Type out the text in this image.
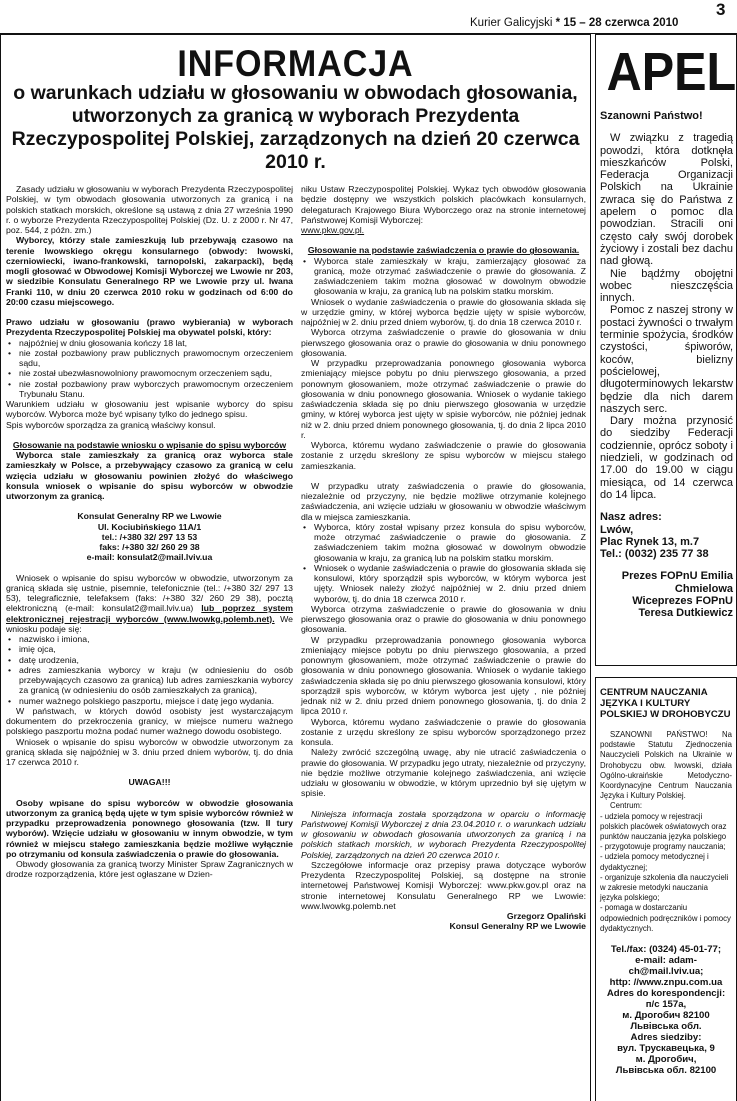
3
Kurier Galicyjski * 15 – 28 czerwca 2010
INFORMACJA
o warunkach udziału w głosowaniu w obwodach głosowania, utworzonych za granicą w wyborach Prezydenta Rzeczypospolitej Polskiej, zarządzonych na dzień 20 czerwca 2010 r.

Zasady udziału w głosowaniu w wyborach Prezydenta Rzeczypospolitej Polskiej, w tym obwodach głosowania utworzonych za granicą i na polskich statkach morskich, określone są ustawą z dnia 27 września 1990 r. o wyborze Prezydenta Rzeczypospolitej Polskiej (Dz. U. z 2000 r. Nr 47, poz. 544, z późn. zm.)

Wyborcy, którzy stale zamieszkują lub przebywają czasowo na terenie lwowskiego okręgu konsularnego (obwody: lwowski, czerniowiecki, iwano-frankowski, tarnopolski, zakarpacki), będą mogli głosować w Obwodowej Komisji Wyborczej we Lwowie nr 203, w siedzibie Konsulatu Generalnego RP we Lwowie przy ul. Iwana Franki 110, w dniu 20 czerwca 2010 roku w godzinach od 6:00 do 20:00 czasu miejscowego.

Prawo udziału w głosowaniu (prawo wybierania) w wyborach Prezydenta Rzeczypospolitej Polskiej ma obywatel polski, który:

• najpóźniej w dniu głosowania kończy 18 lat,

• nie został pozbawiony praw publicznych prawomocnym orzeczeniem sądu,

• nie został ubezwłasnowolniony prawomocnym orzeczeniem sądu,

• nie został pozbawiony praw wyborczych prawomocnym orzeczeniem Trybunału Stanu.

Warunkiem udziału w głosowaniu jest wpisanie wyborcy do spisu wyborców. Wyborca może być wpisany tylko do jednego spisu.

Spis wyborców sporządza za granicą właściwy konsul.

Głosowanie na podstawie wniosku o wpisanie do spisu wyborców

Wyborca stale zamieszkały za granicą oraz wyborca stale zamieszkały w Polsce, a przebywający czasowo za granicą w celu wzięcia udziału w głosowaniu powinien złożyć do właściwego konsula wniosek o wpisanie do spisu wyborców w obwodzie utworzonym za granicą.

Konsulat Generalny RP we Lwowie

Ul. Kociubińskiego 11A/1

tel.: /+380 32/ 297 13 53

faks: /+380 32/ 260 29 38

e-mail: konsulat2@mail.lviv.ua

Wniosek o wpisanie do spisu wyborców w obwodzie, utworzonym za granicą składa się ustnie, pisemnie, telefonicznie (tel.: /+380 32/ 297 13 53), telegraficznie, telefaksem (faks: /+380 32/ 260 29 38), pocztą elektroniczną (e-mail: konsulat2@mail.lviv.ua) lub poprzez system elektronicznej rejestracji wyborców (www.lwowkg.polemb.net). We wniosku podaje się:

• nazwisko i imiona,

• imię ojca,

• datę urodzenia,

• adres zamieszkania wyborcy w kraju (w odniesieniu do osób przebywających czasowo za granicą) lub adres zamieszkania wyborcy za granicą (w odniesieniu do osób zamieszkałych za granicą),

• numer ważnego polskiego paszportu, miejsce i datę jego wydania.

W państwach, w których dowód osobisty jest wystarczającym dokumentem do przekroczenia granicy, w miejsce numeru ważnego polskiego paszportu można podać numer ważnego dowodu osobistego.

Wniosek o wpisanie do spisu wyborców w obwodzie utworzonym za granicą składa się najpóźniej w 3. dniu przed dniem wyborów, tj. do dnia 17 czerwca 2010 r.

UWAGA!!!

Osoby wpisane do spisu wyborców w obwodzie głosowania utworzonym za granicą będą ujęte w tym spisie wyborców również w przypadku przeprowadzenia ponownego głosowania (tzw. II tury wyborów). Wzięcie udziału w głosowaniu w innym obwodzie, w tym również w miejscu stałego zamieszkania będzie możliwe wyłącznie po otrzymaniu od konsula zaświadczenia o prawie do głosowania.

Obwody głosowania za granicą tworzy Minister Spraw Zagranicznych w drodze rozporządzenia, które jest ogłaszane w Dzien-

niku Ustaw Rzeczypospolitej Polskiej. Wykaz tych obwodów głosowania będzie dostępny we wszystkich polskich placówkach konsularnych, delegaturach Krajowego Biura Wyborczego oraz na stronie internetowej Państwowej Komisji Wyborczej:

www.pkw.gov.pl.

Głosowanie na podstawie zaświadczenia o prawie do głosowania.

• Wyborca stale zamieszkały w kraju, zamierzający głosować za granicą, może otrzymać zaświadczenie o prawie do głosowania. Z zaświadczeniem takim można głosować w dowolnym obwodzie głosowania w kraju, za granicą lub na polskim statku morskim.

Wniosek o wydanie zaświadczenia o prawie do głosowania składa się w urzędzie gminy, w której wyborca będzie ujęty w spisie wyborców, najpóźniej w 2. dniu przed dniem wyborów, tj. do dnia 18 czerwca 2010 r.

Wyborca otrzyma zaświadczenie o prawie do głosowania w dniu pierwszego głosowania oraz o prawie do głosowania w dniu ponownego głosowania.

W przypadku przeprowadzania ponownego głosowania wyborca zmieniający miejsce pobytu po dniu pierwszego głosowania, a przed ponownym głosowaniem, może otrzymać zaświadczenie o prawie do głosowania w dniu ponownego głosowania. Wniosek o wydanie takiego zaświadczenia składa się po dniu pierwszego głosowania w urzędzie gminy, w której wyborca jest ujęty w spisie wyborców, nie później jednak niż w 2. dniu przed dniem ponownego głosowania, tj. do dnia 2 lipca 2010 r.

Wyborca, któremu wydano zaświadczenie o prawie do głosowania zostanie z urzędu skreślony ze spisu wyborców w miejscu stałego zamieszkania.

W przypadku utraty zaświadczenia o prawie do głosowania, niezależnie od przyczyny, nie będzie możliwe otrzymanie kolejnego zaświadczenia, ani wzięcie udziału w głosowaniu w obwodzie właściwym dla w miejsca zamieszkania.

• Wyborca, który został wpisany przez konsula do spisu wyborców, może otrzymać zaświadczenie o prawie do głosowania. Z zaświadczeniem takim można głosować w dowolnym obwodzie głosowania w kraju, za granicą lub na polskim statku morskim.

• Wniosek o wydanie zaświadczenia o prawie do głosowania składa się konsulowi, który sporządził spis wyborców, w którym wyborca jest ujęty. Wniosek należy złożyć najpóźniej w 2. dniu przed dniem wyborów, tj. do dnia 18 czerwca 2010 r.

Wyborca otrzyma zaświadczenie o prawie do głosowania w dniu pierwszego głosowania oraz o prawie do głosowania w dniu ponownego głosowania.

W przypadku przeprowadzania ponownego głosowania wyborca zmieniający miejsce pobytu po dniu pierwszego głosowania, a przed ponownym głosowaniem, może otrzymać zaświadczenie o prawie do głosowania w dniu ponownego głosowania. Wniosek o wydanie takiego zaświadczenia składa się po dniu pierwszego głosowania konsulowi, który sporządził spis wyborców, w którym wyborca jest ujęty , nie później jednak niż w 2. dniu przed dniem ponownego głosowania, tj. do dnia 2 lipca 2010 r.

Wyborca, któremu wydano zaświadczenie o prawie do głosowania zostanie z urzędu skreślony ze spisu wyborców sporządzonego przez konsula.

Należy zwrócić szczególną uwagę, aby nie utracić zaświadczenia o prawie do głosowania. W przypadku jego utraty, niezależnie od przyczyny, nie będzie możliwe otrzymanie kolejnego zaświadczenia, ani wzięcie udziału w głosowaniu w obwodzie, w którym uprzednio był się ujętym w spisie.

Niniejsza informacja została sporządzona w oparciu o informację Państwowej Komisji Wyborczej z dnia 23.04.2010 r. o warunkach udziału w głosowaniu w obwodach głosowania utworzonych za granicą i na polskich statkach morskich, w wyborach Prezydenta Rzeczypospolitej Polskiej, zarządzonych na dzień 20 czerwca 2010 r.

Szczegółowe informacje oraz przepisy prawa dotyczące wyborów Prezydenta Rzeczypospolitej Polskiej, są dostępne na stronie internetowej Państwowej Komisji Wyborczej: www.pkw.gov.pl oraz na stronie internetowej Konsulatu Generalnego RP we Lwowie: www.lwowkg.polemb.net

Grzegorz Opaliński

Konsul Generalny RP we Lwowie

APEL

Szanowni Państwo!

W związku z tragedią powodzi, która dotknęła mieszkańców Polski, Federacja Organizacji Polskich na Ukrainie zwraca się do Państwa z apelem o pomoc dla powodzian. Stracili oni często cały swój dorobek życiowy i zostali bez dachu nad głową.

Nie bądźmy obojętni wobec nieszczęścia innych.

Pomoc z naszej strony w postaci żywności o trwałym terminie spożycia, środków czystości, śpiworów, koców, bielizny pościelowej, długoterminowych lekarstw będzie dla nich darem naszych serc.

Dary można przynosić do siedziby Federacji codziennie, oprócz soboty i niedzieli, w godzinach od 17.00 do 19.00 w ciągu miesiąca, od 14 czerwca do 14 lipca.

Nasz adres:

Lwów,

Plac Rynek 13, m.7

Tel.: (0032) 235 77 38

Prezes FOPnU Emilia

Chmielowa

Wiceprezes FOPnU

Teresa Dutkiewicz

CENTRUM NAUCZANIA JĘZYKA I KULTURY POLSKIEJ W DROHOBYCZU

SZANOWNI PAŃSTWO! Na podstawie Statutu Zjednoczenia Nauczycieli Polskich na Ukrainie w Drohobyczu obw. lwowski, działa Ogólno-ukraińskie Metodyczno-Koordynacyjne Centrum Nauczania Języka i Kultury Polskiej.

Centrum:

- udziela pomocy w rejestracji polskich placówek oświatowych oraz punktów nauczania języka polskiego

- przygotowuje programy nauczania;

- udziela pomocy metodycznej i dydaktycznej;

- organizuje szkolenia dla nauczycieli w zakresie metodyki nauczania języka polskiego;

- pomaga w dostarczaniu odpowiednich podręczników i pomocy dydaktycznych.

Tel./fax: (0324) 45-01-77;

e-mail: adam-ch@mail.lviv.ua;

http: //www.znpu.com.ua

Adres do korespondencji:

п/с 157а,

м. Дрогобич 82100

Львівська обл.

Adres siedziby:

вул. Трускавецька, 9

м. Дрогобич,

Львівська обл. 82100
